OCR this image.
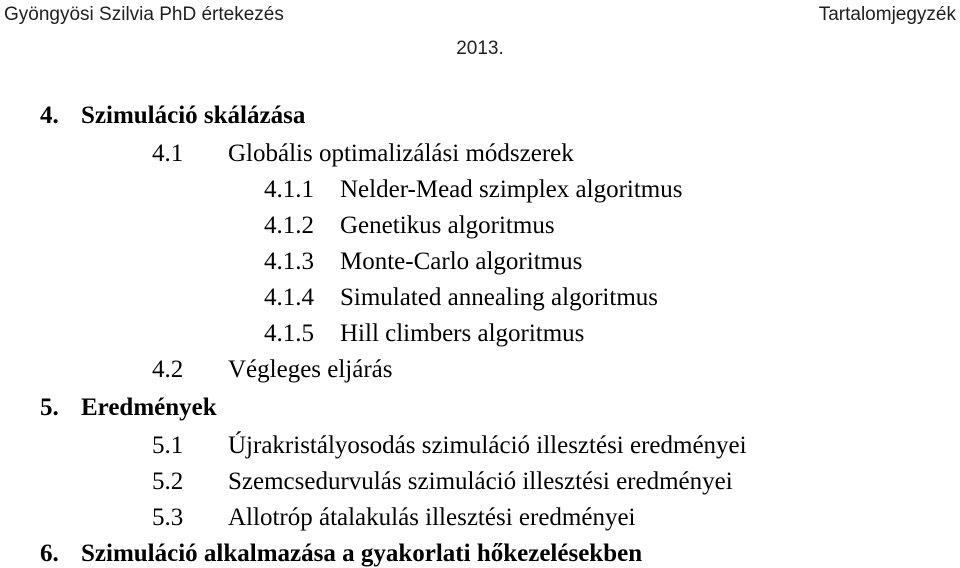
Gyöngyösi Szilvia PhD értekezés	Tartalomjegyzék
2013.
4. Szimuláció skálázása
4.1 Globális optimalizálási módszerek
4.1.1 Nelder-Mead szimplex algoritmus
4.1.2 Genetikus algoritmus
4.1.3 Monte-Carlo algoritmus
4.1.4 Simulated annealing algoritmus
4.1.5 Hill climbers algoritmus
4.2 Végleges eljárás
5. Eredmények
5.1 Újrakristályosodás szimuláció illesztési eredményei
5.2 Szemcsedurvulás szimuláció illesztési eredményei
5.3 Allotróp átalakulás illesztési eredményei
6. Szimuláció alkalmazása a gyakorlati hőkezelésekben
